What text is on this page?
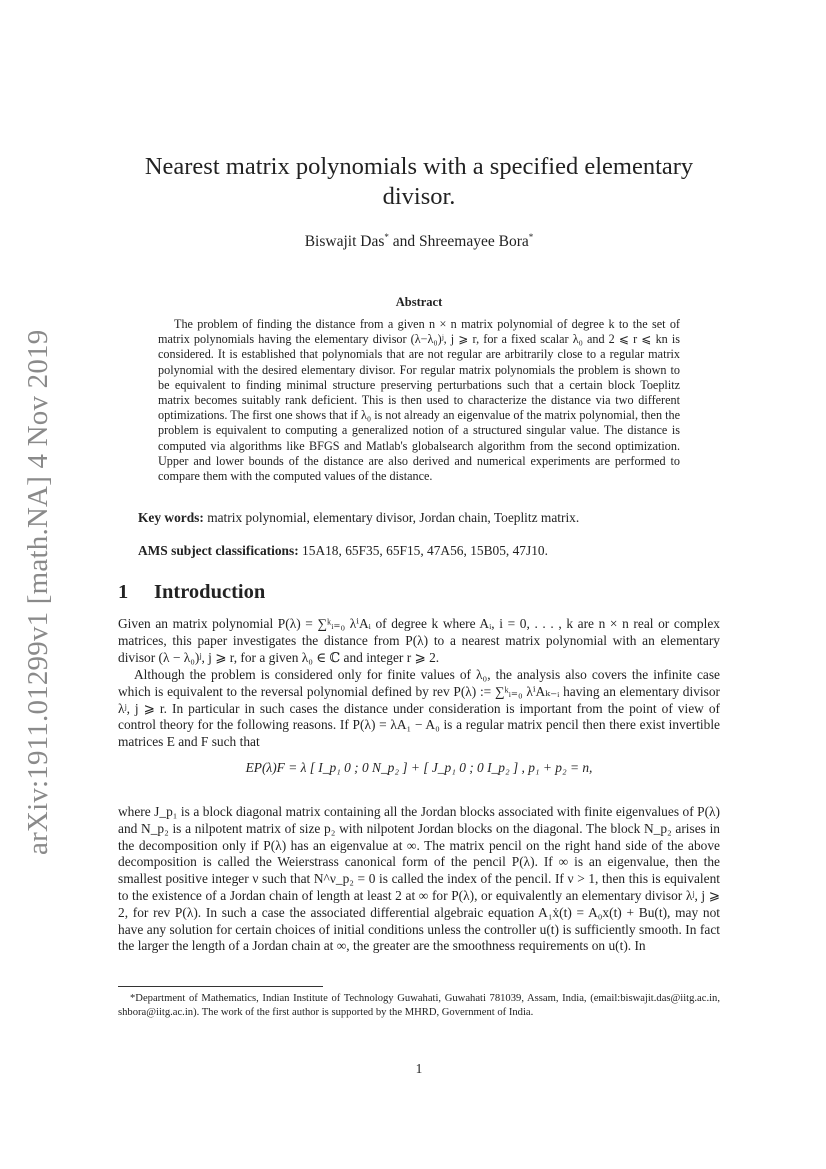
arXiv:1911.01299v1 [math.NA] 4 Nov 2019
Nearest matrix polynomials with a specified elementary divisor.
Biswajit Das* and Shreemayee Bora*
Abstract
The problem of finding the distance from a given n × n matrix polynomial of degree k to the set of matrix polynomials having the elementary divisor (λ−λ₀)ʲ, j ⩾ r, for a fixed scalar λ₀ and 2 ⩽ r ⩽ kn is considered. It is established that polynomials that are not regular are arbitrarily close to a regular matrix polynomial with the desired elementary divisor. For regular matrix polynomials the problem is shown to be equivalent to finding minimal structure preserving perturbations such that a certain block Toeplitz matrix becomes suitably rank deficient. This is then used to characterize the distance via two different optimizations. The first one shows that if λ₀ is not already an eigenvalue of the matrix polynomial, then the problem is equivalent to computing a generalized notion of a structured singular value. The distance is computed via algorithms like BFGS and Matlab's globalsearch algorithm from the second optimization. Upper and lower bounds of the distance are also derived and numerical experiments are performed to compare them with the computed values of the distance.
Key words: matrix polynomial, elementary divisor, Jordan chain, Toeplitz matrix.
AMS subject classifications: 15A18, 65F35, 65F15, 47A56, 15B05, 47J10.
1 Introduction
Given an matrix polynomial P(λ) = ∑ᵏᵢ₌₀ λⁱAᵢ of degree k where Aᵢ, i = 0, . . . , k are n × n real or complex matrices, this paper investigates the distance from P(λ) to a nearest matrix polynomial with an elementary divisor (λ − λ₀)ʲ, j ⩾ r, for a given λ₀ ∈ ℂ and integer r ⩾ 2.
Although the problem is considered only for finite values of λ₀, the analysis also covers the infinite case which is equivalent to the reversal polynomial defined by rev P(λ) := ∑ᵏᵢ₌₀ λⁱAₖ₋ᵢ having an elementary divisor λʲ, j ⩾ r. In particular in such cases the distance under consideration is important from the point of view of control theory for the following reasons. If P(λ) = λA₁ − A₀ is a regular matrix pencil then there exist invertible matrices E and F such that
EP(λ)F = λ [ I_p₁ 0 ; 0 N_p₂ ] + [ J_p₁ 0 ; 0 I_p₂ ] , p₁ + p₂ = n,
where J_p₁ is a block diagonal matrix containing all the Jordan blocks associated with finite eigenvalues of P(λ) and N_p₂ is a nilpotent matrix of size p₂ with nilpotent Jordan blocks on the diagonal. The block N_p₂ arises in the decomposition only if P(λ) has an eigenvalue at ∞. The matrix pencil on the right hand side of the above decomposition is called the Weierstrass canonical form of the pencil P(λ). If ∞ is an eigenvalue, then the smallest positive integer ν such that N^ν_p₂ = 0 is called the index of the pencil. If ν > 1, then this is equivalent to the existence of a Jordan chain of length at least 2 at ∞ for P(λ), or equivalently an elementary divisor λʲ, j ⩾ 2, for rev P(λ). In such a case the associated differential algebraic equation A₁ẋ(t) = A₀x(t) + Bu(t), may not have any solution for certain choices of initial conditions unless the controller u(t) is sufficiently smooth. In fact the larger the length of a Jordan chain at ∞, the greater are the smoothness requirements on u(t). In
*Department of Mathematics, Indian Institute of Technology Guwahati, Guwahati 781039, Assam, India, (email:biswajit.das@iitg.ac.in, shbora@iitg.ac.in). The work of the first author is supported by the MHRD, Government of India.
1
